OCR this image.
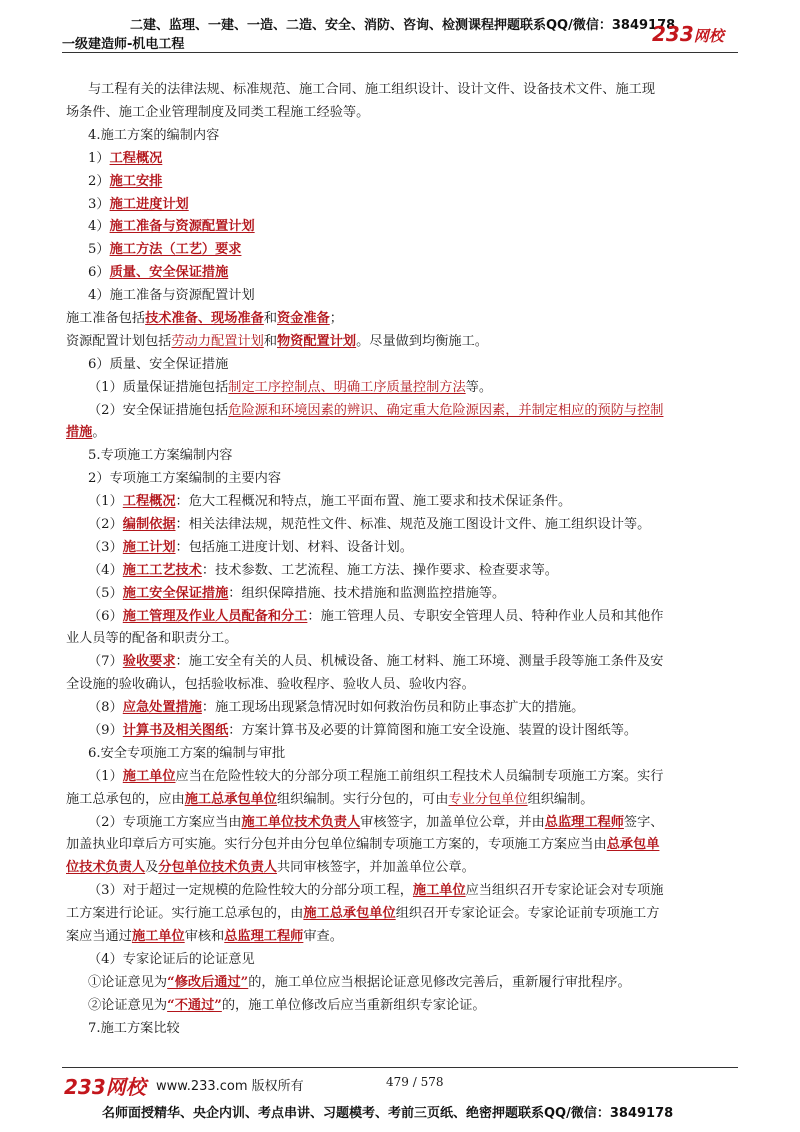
二建、监理、一建、一造、二造、安全、消防、咨询、检测课程押题联系QQ/微信：3849178
一级建造师-机电工程	233网校
与工程有关的法律法规、标准规范、施工合同、施工组织设计、设计文件、设备技术文件、施工现
场条件、施工企业管理制度及同类工程施工经验等。
4.施工方案的编制内容
1）工程概况
2）施工安排
3）施工进度计划
4）施工准备与资源配置计划
5）施工方法（工艺）要求
6）质量、安全保证措施
4）施工准备与资源配置计划
施工准备包括技术准备、现场准备和资金准备；
资源配置计划包括劳动力配置计划和物资配置计划。尽量做到均衡施工。
6）质量、安全保证措施
（1）质量保证措施包括制定工序控制点、明确工序质量控制方法等。
（2）安全保证措施包括危险源和环境因素的辨识、确定重大危险源因素，并制定相应的预防与控制
措施。
5.专项施工方案编制内容
2）专项施工方案编制的主要内容
（1）工程概况：危大工程概况和特点，施工平面布置、施工要求和技术保证条件。
（2）编制依据：相关法律法规，规范性文件、标准、规范及施工图设计文件、施工组织设计等。
（3）施工计划：包括施工进度计划、材料、设备计划。
（4）施工工艺技术：技术参数、工艺流程、施工方法、操作要求、检查要求等。
（5）施工安全保证措施：组织保障措施、技术措施和监测监控措施等。
（6）施工管理及作业人员配备和分工：施工管理人员、专职安全管理人员、特种作业人员和其他作
业人员等的配备和职责分工。
（7）验收要求：施工安全有关的人员、机械设备、施工材料、施工环境、测量手段等施工条件及安
全设施的验收确认，包括验收标准、验收程序、验收人员、验收内容。
（8）应急处置措施：施工现场出现紧急情况时如何救治伤员和防止事态扩大的措施。
（9）计算书及相关图纸：方案计算书及必要的计算简图和施工安全设施、装置的设计图纸等。
6.安全专项施工方案的编制与审批
（1）施工单位应当在危险性较大的分部分项工程施工前组织工程技术人员编制专项施工方案。实行
施工总承包的，应由施工总承包单位组织编制。实行分包的，可由专业分包单位组织编制。
（2）专项施工方案应当由施工单位技术负责人审核签字，加盖单位公章，并由总监理工程师签字、
加盖执业印章后方可实施。实行分包并由分包单位编制专项施工方案的，专项施工方案应当由总承包单
位技术负责人及分包单位技术负责人共同审核签字，并加盖单位公章。
（3）对于超过一定规模的危险性较大的分部分项工程，施工单位应当组织召开专家论证会对专项施
工方案进行论证。实行施工总承包的，由施工总承包单位组织召开专家论证会。专家论证前专项施工方
案应当通过施工单位审核和总监理工程师审查。
（4）专家论证后的论证意见
①论证意见为“修改后通过”的，施工单位应当根据论证意见修改完善后，重新履行审批程序。
②论证意见为“不通过”的，施工单位修改后应当重新组织专家论证。
7.施工方案比较
233网校 www.233.com 版权所有	479 / 578
名师面授精华、央企内训、考点串讲、习题模考、考前三页纸、绝密押题联系QQ/微信：3849178
